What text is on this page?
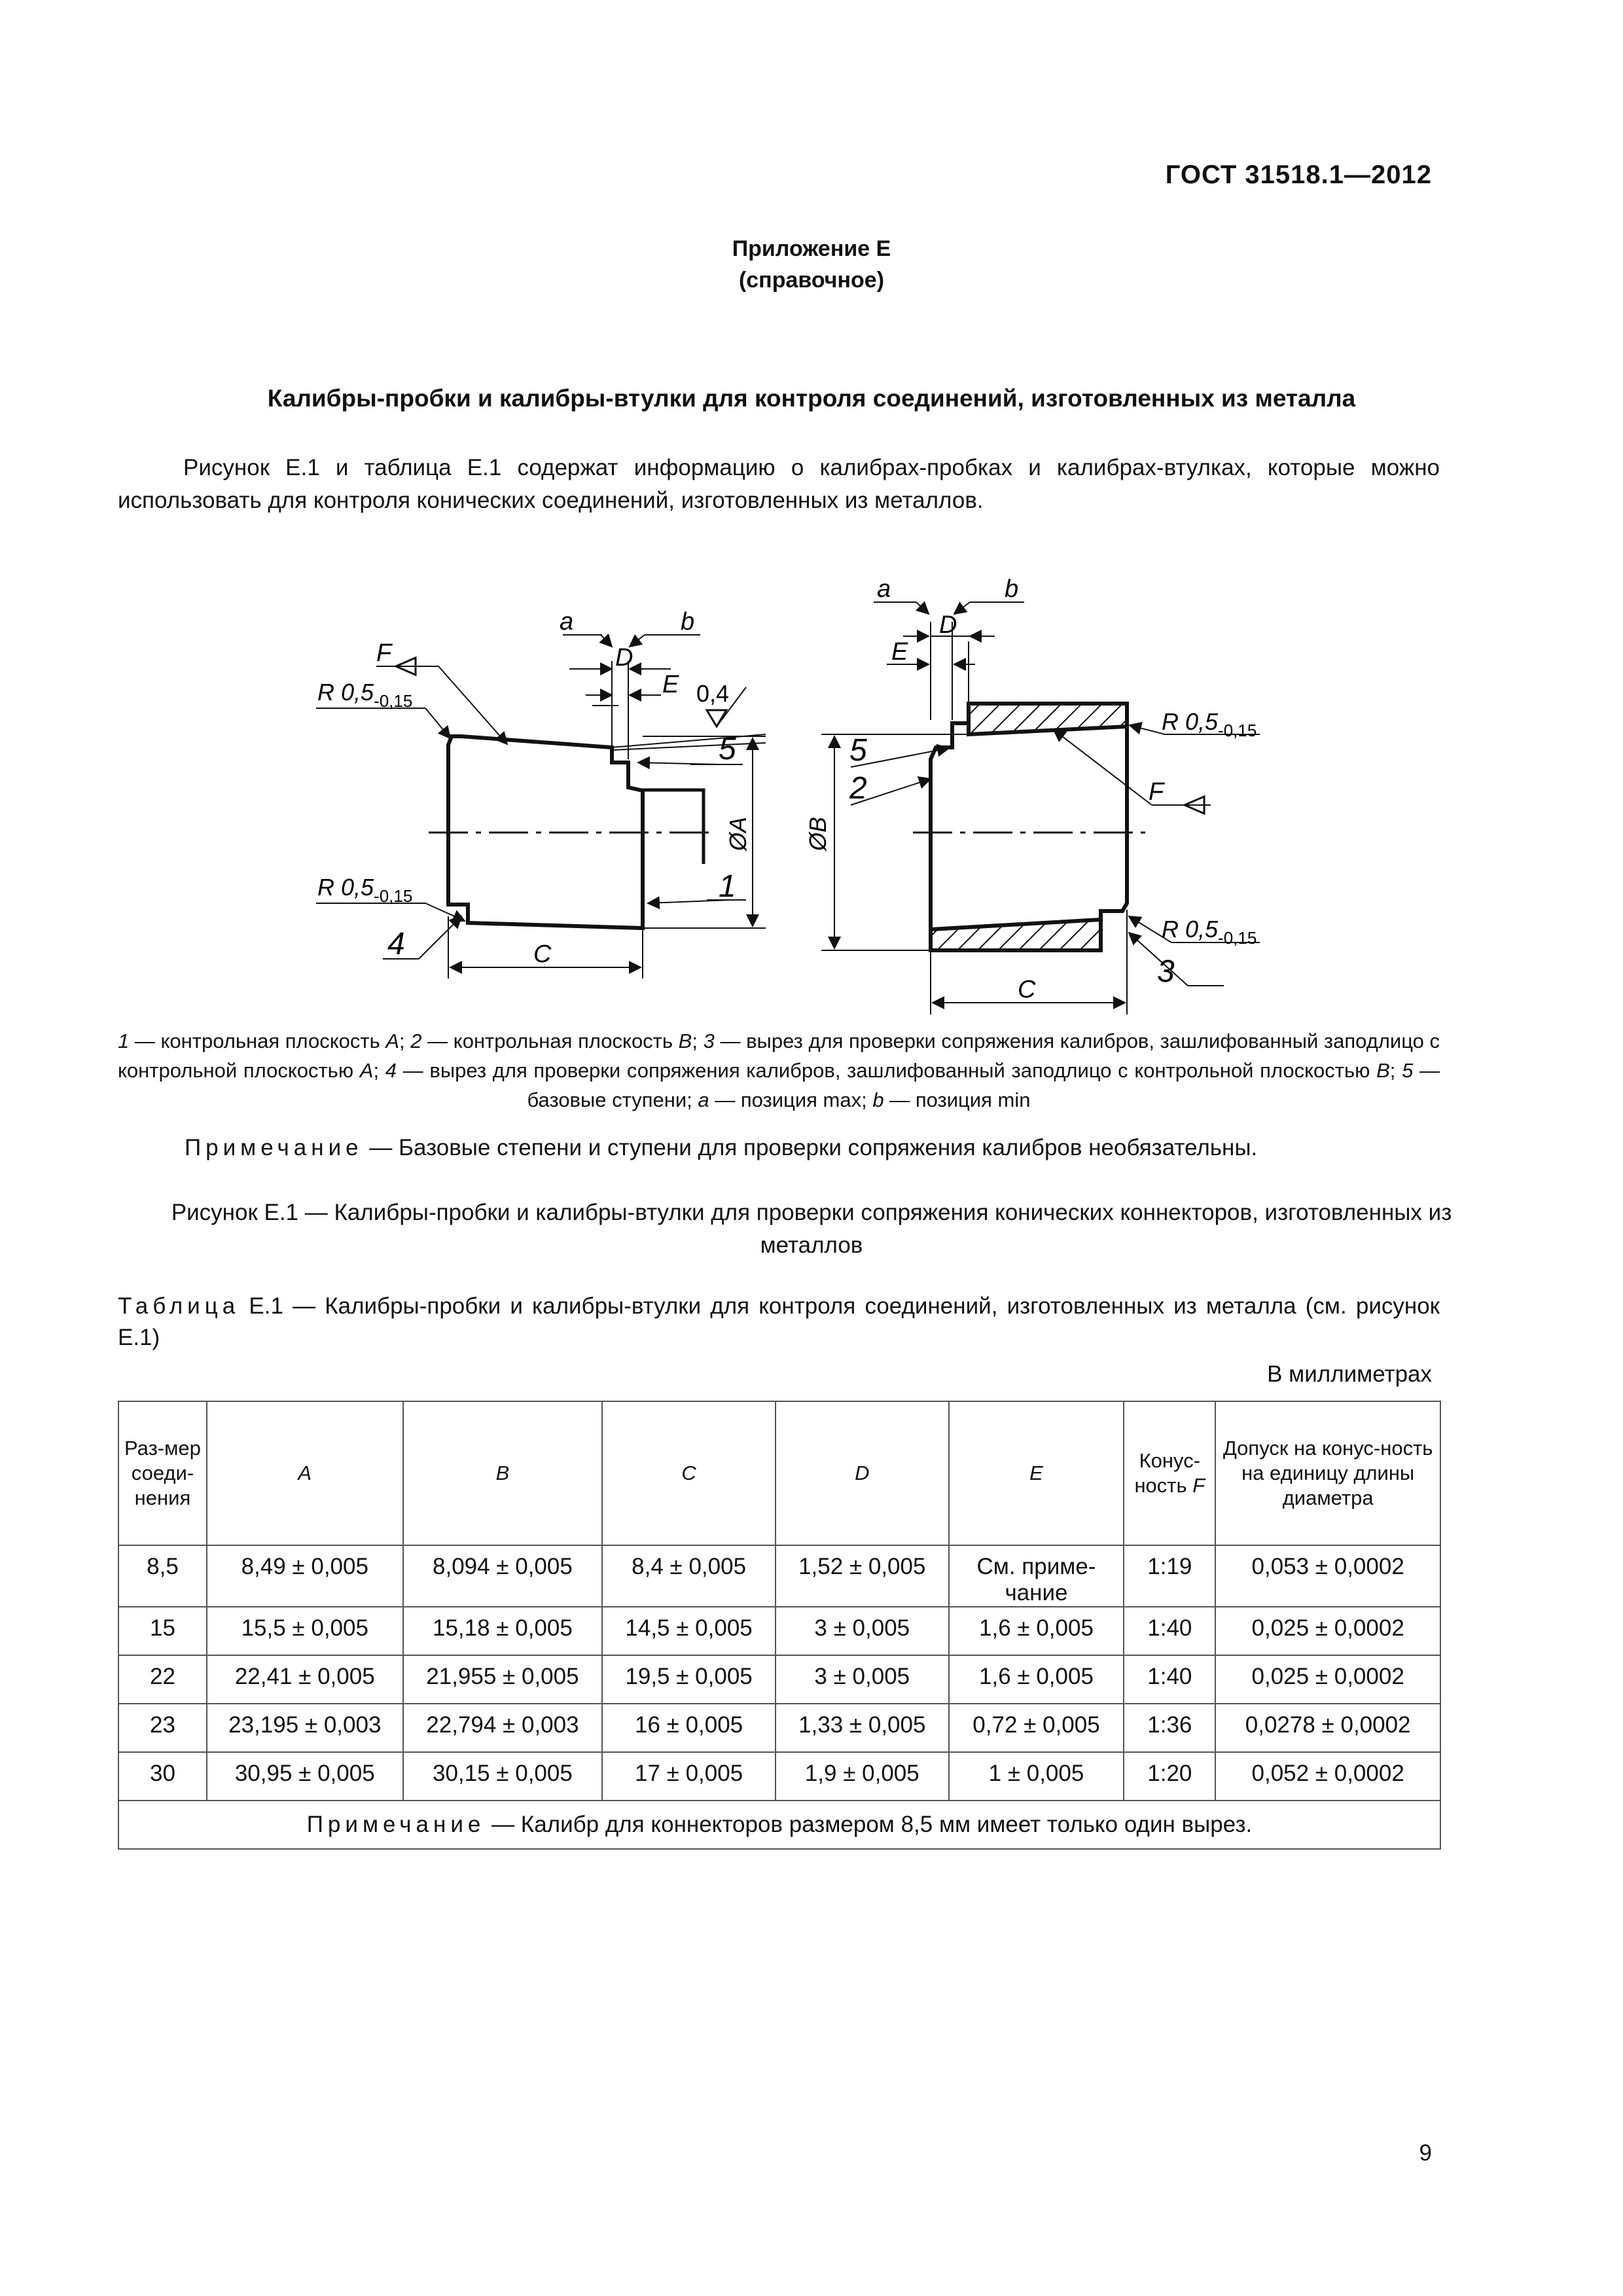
ГОСТ 31518.1—2012
Приложение Е
(справочное)
Калибры-пробки и калибры-втулки для контроля соединений, изготовленных из металла
Рисунок Е.1 и таблица Е.1 содержат информацию о калибрах-пробках и калибрах-втулках, которые можно использовать для контроля конических соединений, изготовленных из металлов.
a	b
D
E 0,4
F
R $0,5_{-0,15}$
R $0,5_{-0,15}$
C
ØA
1
5
4
a	b
D
E
F
R $0,5_{-0,15}$
R $0,5_{-0,15}$
C
ØB
5
2
3
1 — контрольная плоскость A; 2 — контрольная плоскость B; 3 — вырез для проверки сопряжения калибров, зашлифованный заподлицо с контрольной плоскостью A; 4 — вырез для проверки сопряжения калибров, зашлифованный заподлицо с контрольной плоскостью B; 5 — базовые ступени; a — позиция max; b — позиция min
Примечание — Базовые степени и ступени для проверки сопряжения калибров необязательны.
Рисунок Е.1 — Калибры-пробки и калибры-втулки для проверки сопряжения конических коннекторов, изготовленных из металлов
Таблица Е.1 — Калибры-пробки и калибры-втулки для контроля соединений, изготовленных из металла (см. рисунок Е.1)
В миллиметрах
Раз-мер соеди-нения	A	B	C	D	E	Конус-ность F	Допуск на конус-ность на единицу длины диаметра
8,5	8,49 ± 0,005	8,094 ± 0,005	8,4 ± 0,005	1,52 ± 0,005	См. приме-чание	1:19	0,053 ± 0,0002
15	15,5 ± 0,005	15,18 ± 0,005	14,5 ± 0,005	3 ± 0,005	1,6 ± 0,005	1:40	0,025 ± 0,0002
22	22,41 ± 0,005	21,955 ± 0,005	19,5 ± 0,005	3 ± 0,005	1,6 ± 0,005	1:40	0,025 ± 0,0002
23	23,195 ± 0,003	22,794 ± 0,003	16 ± 0,005	1,33 ± 0,005	0,72 ± 0,005	1:36	0,0278 ± 0,0002
30	30,95 ± 0,005	30,15 ± 0,005	17 ± 0,005	1,9 ± 0,005	1 ± 0,005	1:20	0,052 ± 0,0002
Примечание — Калибр для коннекторов размером 8,5 мм имеет только один вырез.							
9
